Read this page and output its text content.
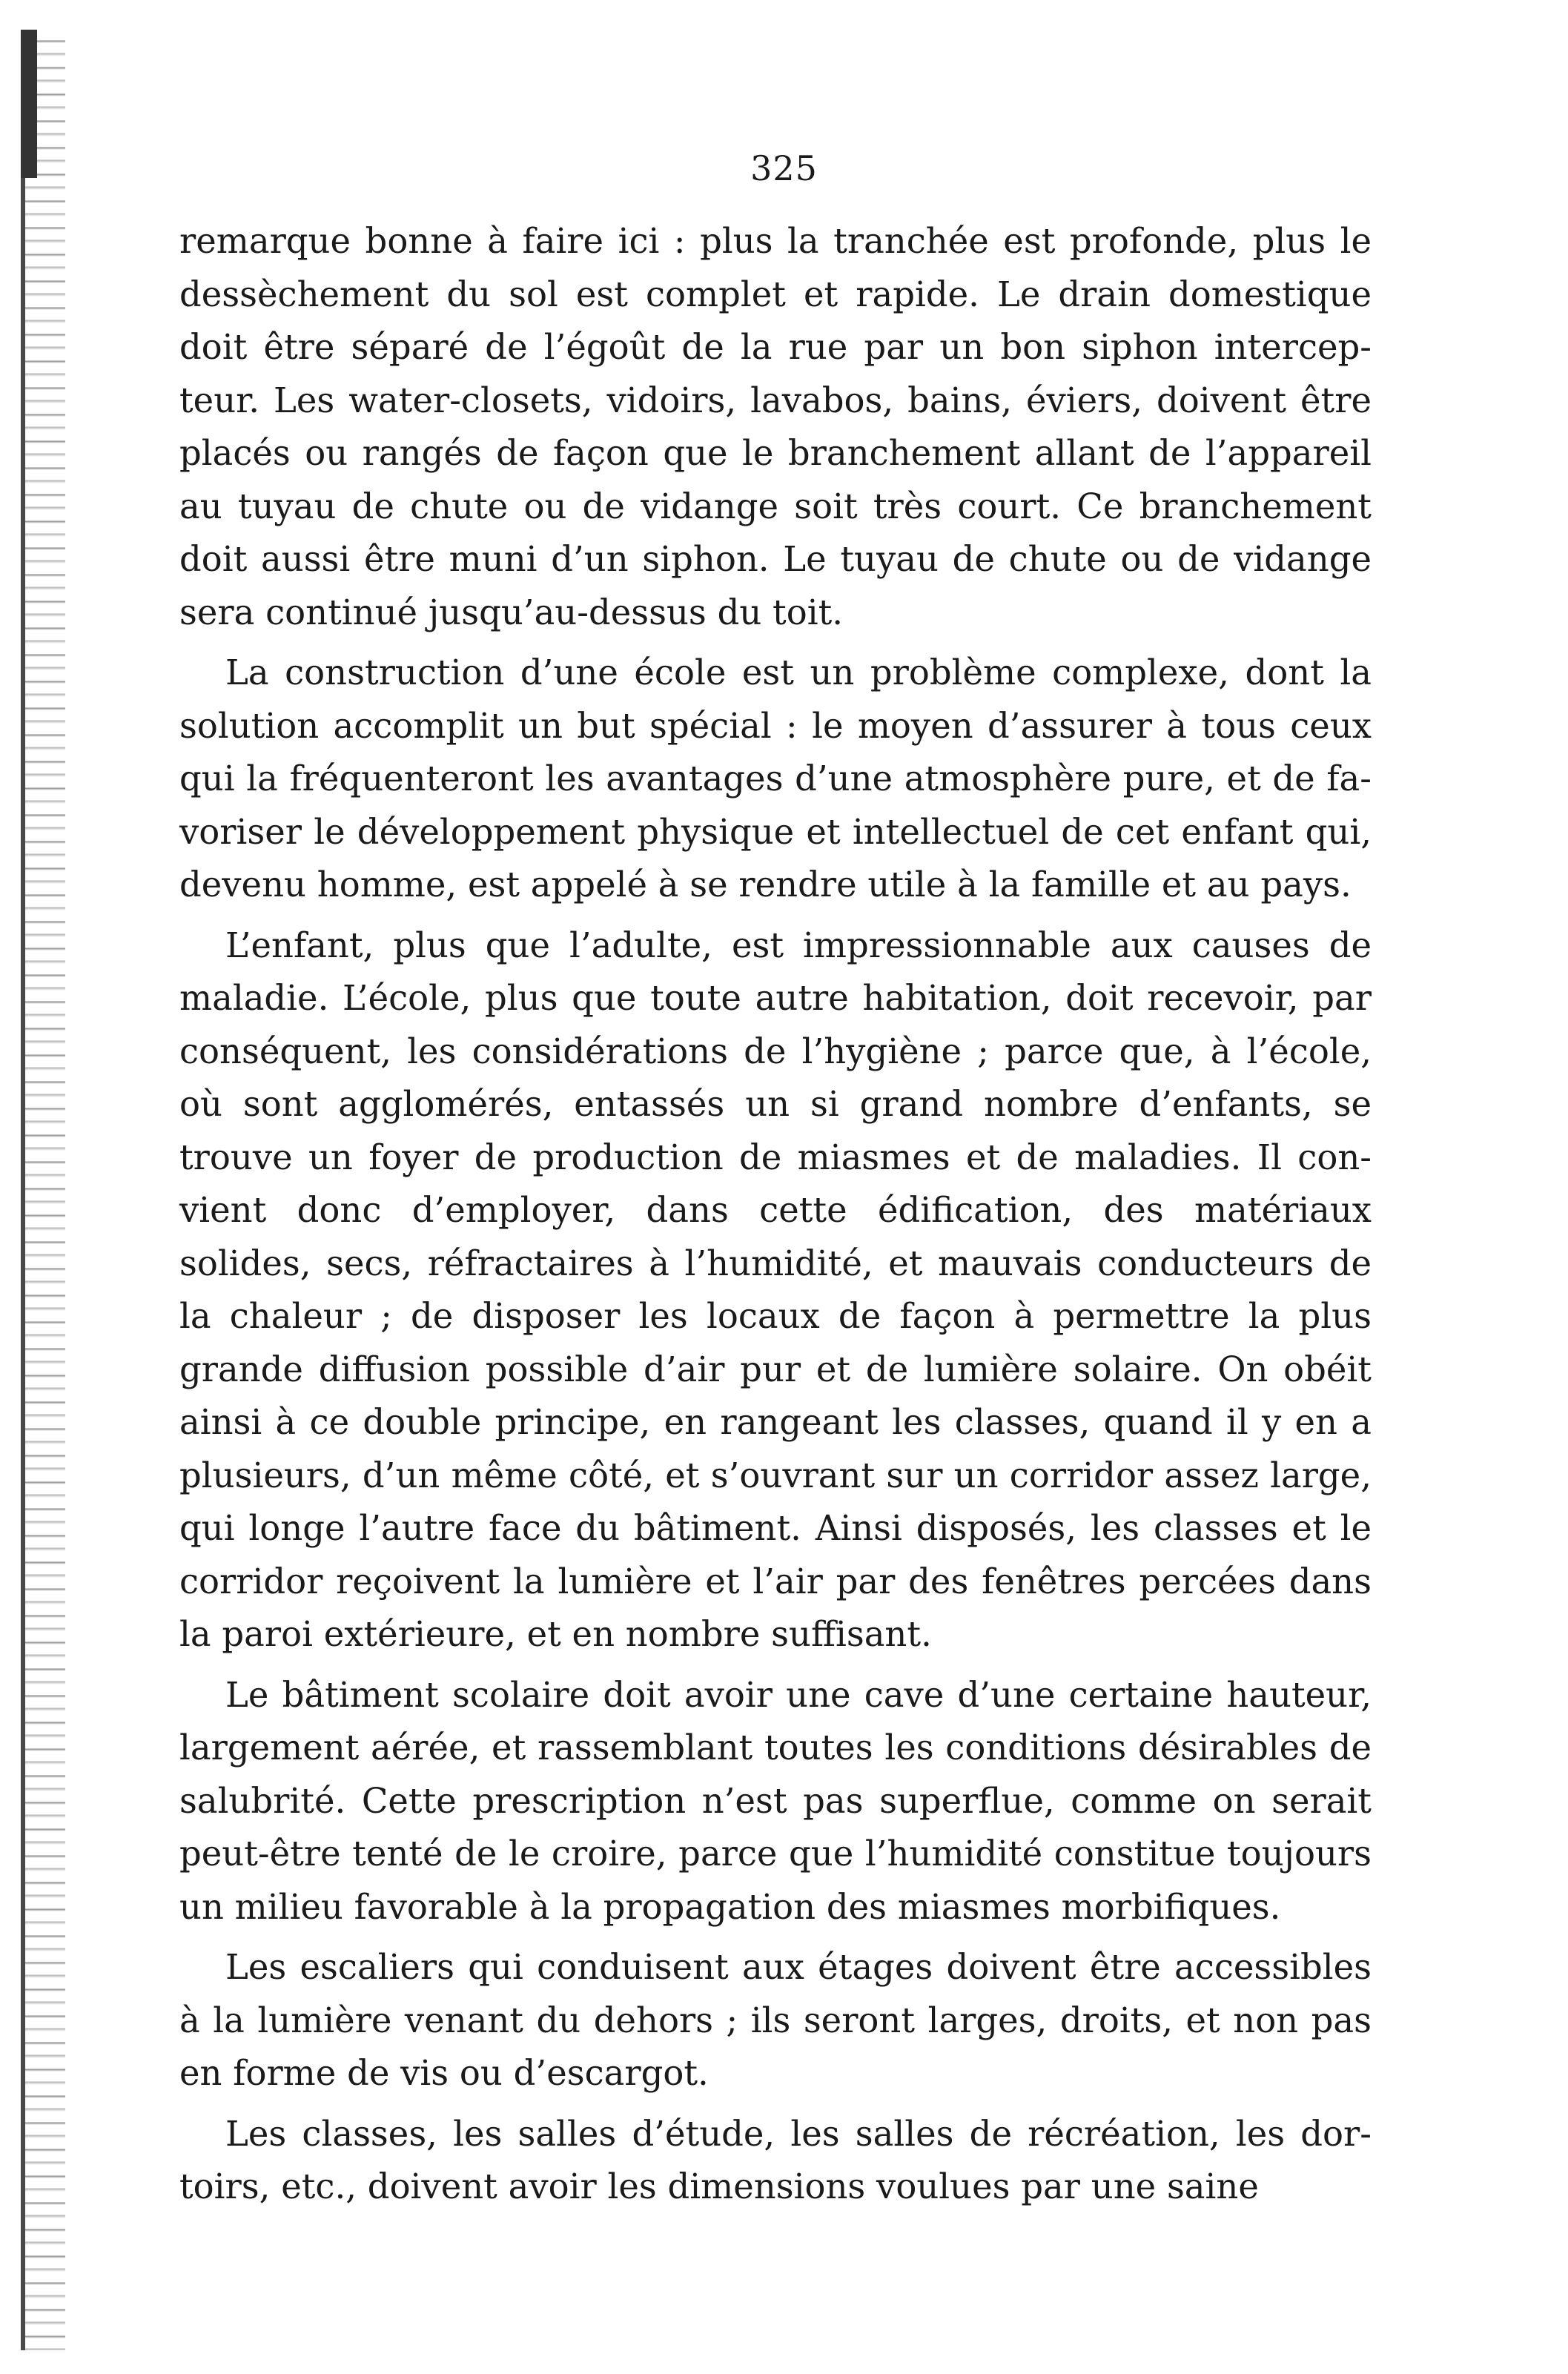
325

remarque bonne à faire ici : plus la tranchée est profonde, plus le dessèchement du sol est complet et rapide. Le drain domestique doit être séparé de l’égoût de la rue par un bon siphon intercepteur. Les water-closets, vidoirs, lavabos, bains, éviers, doivent être placés ou rangés de façon que le branchement allant de l’appareil au tuyau de chute ou de vidange soit très court. Ce branchement doit aussi être muni d’un siphon. Le tuyau de chute ou de vidange sera continué jusqu’au-dessus du toit.

La construction d’une école est un problème complexe, dont la solution accomplit un but spécial : le moyen d’assurer à tous ceux qui la fréquenteront les avantages d’une atmosphère pure, et de favoriser le développement physique et intellectuel de cet enfant qui, devenu homme, est appelé à se rendre utile à la famille et au pays.

L’enfant, plus que l’adulte, est impressionnable aux causes de maladie. L’école, plus que toute autre habitation, doit recevoir, par conséquent, les considérations de l’hygiène ; parce que, à l’école, où sont agglomérés, entassés un si grand nombre d’enfants, se trouve un foyer de production de miasmes et de maladies. Il convient donc d’employer, dans cette édification, des matériaux solides, secs, réfractaires à l’humidité, et mauvais conducteurs de la chaleur ; de disposer les locaux de façon à permettre la plus grande diffusion possible d’air pur et de lumière solaire. On obéit ainsi à ce double principe, en rangeant les classes, quand il y en a plusieurs, d’un même côté, et s’ouvrant sur un corridor assez large, qui longe l’autre face du bâtiment. Ainsi disposés, les classes et le corridor reçoivent la lumière et l’air par des fenêtres percées dans la paroi extérieure, et en nombre suffisant.

Le bâtiment scolaire doit avoir une cave d’une certaine hauteur, largement aérée, et rassemblant toutes les conditions désirables de salubrité. Cette prescription n’est pas superflue, comme on serait peut-être tenté de le croire, parce que l’humidité constitue toujours un milieu favorable à la propagation des miasmes morbifiques.

Les escaliers qui conduisent aux étages doivent être accessibles à la lumière venant du dehors ; ils seront larges, droits, et non pas en forme de vis ou d’escargot.

Les classes, les salles d’étude, les salles de récréation, les dortoirs, etc., doivent avoir les dimensions voulues par une saine
